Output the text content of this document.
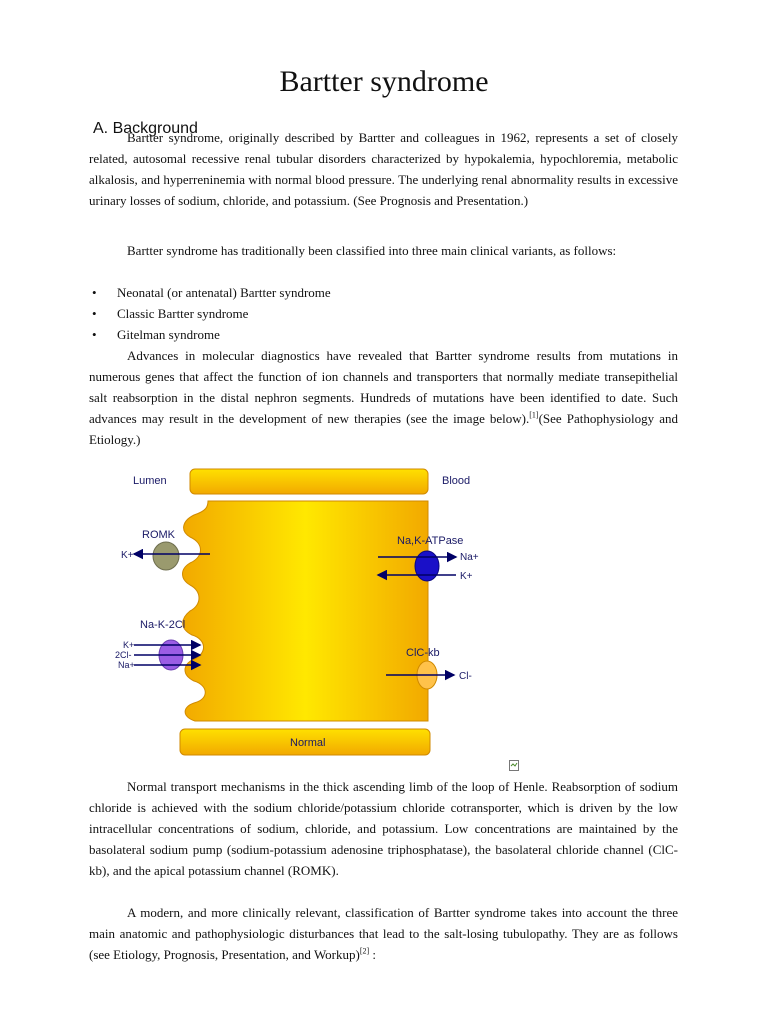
Bartter syndrome
A. Background

Bartter syndrome, originally described by Bartter and colleagues in 1962, represents a set of closely related, autosomal recessive renal tubular disorders characterized by hypokalemia, hypochloremia, metabolic alkalosis, and hyperreninemia with normal blood pressure. The underlying renal abnormality results in excessive urinary losses of sodium, chloride, and potassium. (See Prognosis and Presentation.)

Bartter syndrome has traditionally been classified into three main clinical variants, as follows:

• Neonatal (or antenatal) Bartter syndrome
• Classic Bartter syndrome
• Gitelman syndrome

Advances in molecular diagnostics have revealed that Bartter syndrome results from mutations in numerous genes that affect the function of ion channels and transporters that normally mediate transepithelial salt reabsorption in the distal nephron segments. Hundreds of mutations have been identified to date. Such advances may result in the development of new therapies (see the image below).[1](See Pathophysiology and Etiology.)

Lumen	Blood
ROMK
K+
Na-K-2Cl
K+
2Cl-
Na+
Na,K-ATPase
Na+
K+
ClC-kb
Cl-
Normal

Normal transport mechanisms in the thick ascending limb of the loop of Henle. Reabsorption of sodium chloride is achieved with the sodium chloride/potassium chloride cotransporter, which is driven by the low intracellular concentrations of sodium, chloride, and potassium. Low concentrations are maintained by the basolateral sodium pump (sodium-potassium adenosine triphosphatase), the basolateral chloride channel (ClC-kb), and the apical potassium channel (ROMK).

A modern, and more clinically relevant, classification of Bartter syndrome takes into account the three main anatomic and pathophysiologic disturbances that lead to the salt-losing tubulopathy. They are as follows (see Etiology, Prognosis, Presentation, and Workup)[2] :
